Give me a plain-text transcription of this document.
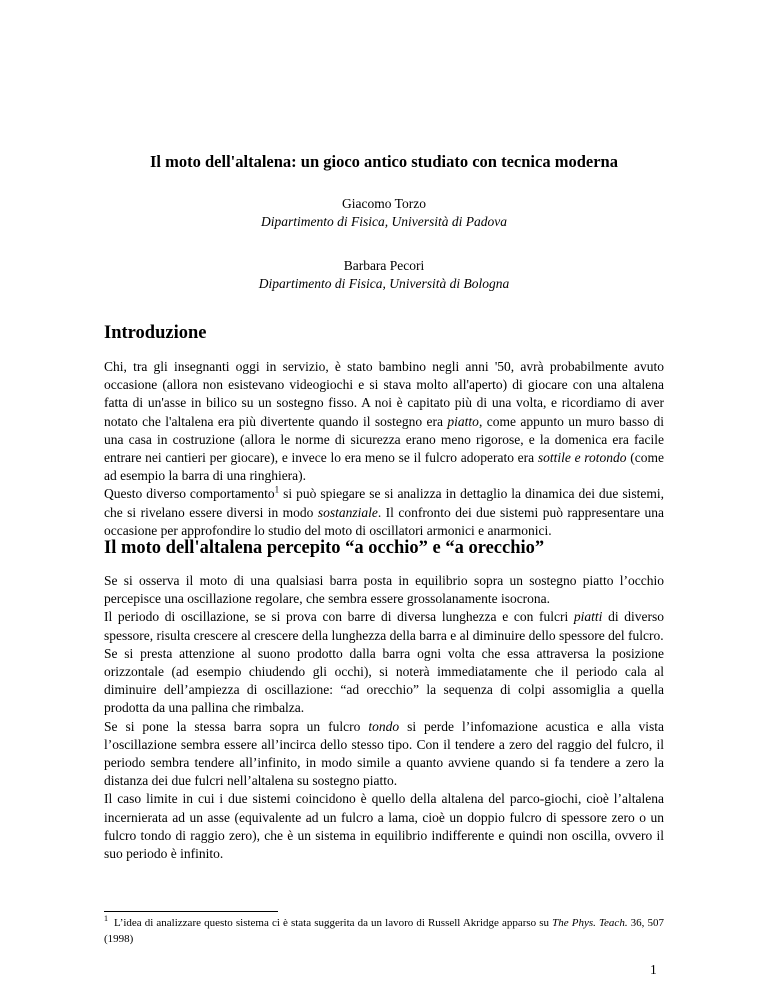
Il moto dell'altalena: un gioco antico studiato con tecnica moderna
Giacomo Torzo
Dipartimento di Fisica, Università di Padova
Barbara Pecori
Dipartimento di Fisica, Università di Bologna
Introduzione

Chi, tra gli insegnanti oggi in servizio, è stato bambino negli anni '50, avrà probabilmente avuto occasione (allora non esistevano videogiochi e si stava molto all'aperto) di giocare con una altalena fatta di un'asse in bilico su un sostegno fisso. A noi è capitato più di una volta, e ricordiamo di aver notato che l'altalena era più divertente quando il sostegno era piatto, come appunto un muro basso di una casa in costruzione (allora le norme di sicurezza erano meno rigorose, e la domenica era facile entrare nei cantieri per giocare), e invece lo era meno se il fulcro adoperato era sottile e rotondo (come ad esempio la barra di una ringhiera).

Questo diverso comportamento$^1$ si può spiegare se si analizza in dettaglio la dinamica dei due sistemi, che si rivelano essere diversi in modo sostanziale. Il confronto dei due sistemi può rappresentare una occasione per approfondire lo studio del moto di oscillatori armonici e anarmonici.

Il moto dell'altalena percepito “a occhio” e “a orecchio”

Se si osserva il moto di una qualsiasi barra posta in equilibrio sopra un sostegno piatto l’occhio percepisce una oscillazione regolare, che sembra essere grossolanamente isocrona.

Il periodo di oscillazione, se si prova con barre di diversa lunghezza e con fulcri piatti di diverso spessore, risulta crescere al crescere della lunghezza della barra e al diminuire dello spessore del fulcro.

Se si presta attenzione al suono prodotto dalla barra ogni volta che essa attraversa la posizione orizzontale (ad esempio chiudendo gli occhi), si noterà immediatamente che il periodo cala al diminuire dell’ampiezza di oscillazione: “ad orecchio” la sequenza di colpi assomiglia a quella prodotta da una pallina che rimbalza.

Se si pone la stessa barra sopra un fulcro tondo si perde l’infomazione acustica e alla vista l’oscillazione sembra essere all’incirca dello stesso tipo. Con il tendere a zero del raggio del fulcro, il periodo sembra tendere all’infinito, in modo simile a quanto avviene quando si fa tendere a zero la distanza dei due fulcri nell’altalena su sostegno piatto.

Il caso limite in cui i due sistemi coincidono è quello della altalena del parco-giochi, cioè l’altalena incernierata ad un asse (equivalente ad un fulcro a lama, cioè un doppio fulcro di spessore zero o un fulcro tondo di raggio zero), che è un sistema in equilibrio indifferente e quindi non oscilla, ovvero il suo periodo è infinito.

$^1$ L’idea di analizzare questo sistema ci è stata suggerita da un lavoro di Russell Akridge apparso su The Phys. Teach. 36, 507 (1998)

1
